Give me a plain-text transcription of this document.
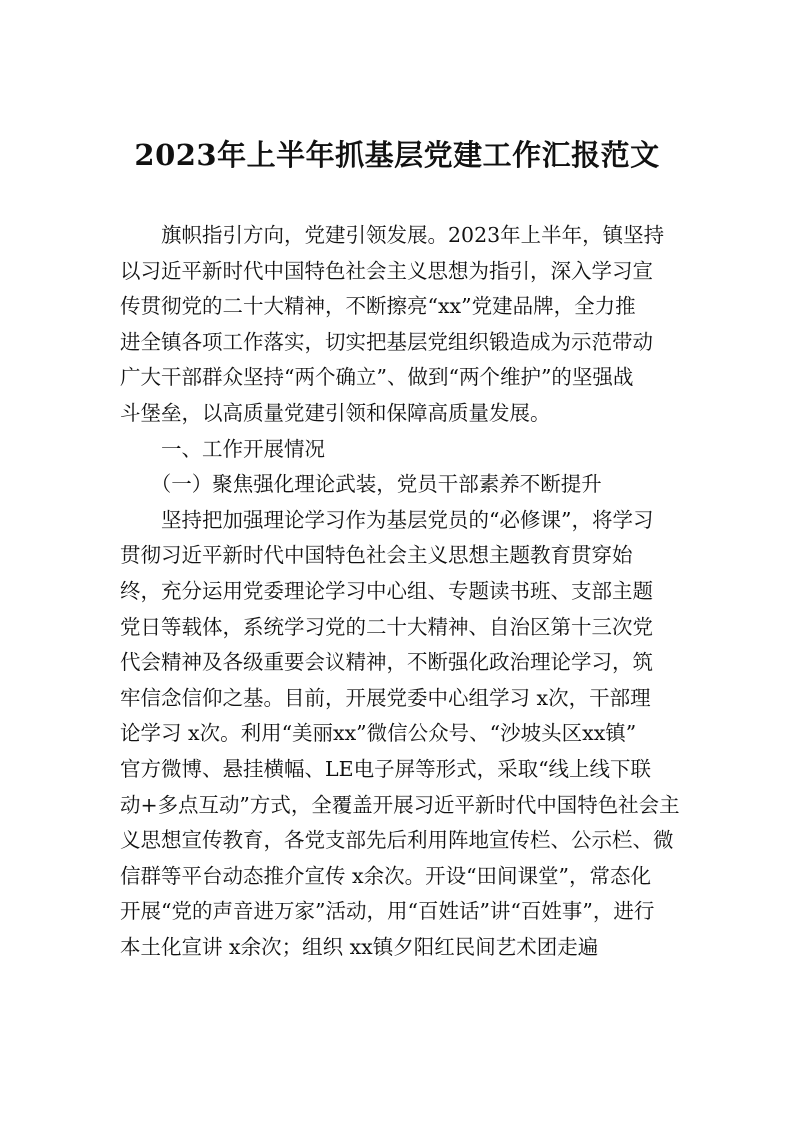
2023年上半年抓基层党建工作汇报范文
　　旗帜指引方向，党建引领发展。2023年上半年，镇坚持
以习近平新时代中国特色社会主义思想为指引，深入学习宣
传贯彻党的二十大精神，不断擦亮“xx”党建品牌，全力推
进全镇各项工作落实，切实把基层党组织锻造成为示范带动
广大干部群众坚持“两个确立”、做到“两个维护”的坚强战
斗堡垒，以高质量党建引领和保障高质量发展。
　　一、工作开展情况
　　（一）聚焦强化理论武装，党员干部素养不断提升
　　坚持把加强理论学习作为基层党员的“必修课”，将学习
贯彻习近平新时代中国特色社会主义思想主题教育贯穿始
终，充分运用党委理论学习中心组、专题读书班、支部主题
党日等载体，系统学习党的二十大精神、自治区第十三次党
代会精神及各级重要会议精神，不断强化政治理论学习，筑
牢信念信仰之基。目前，开展党委中心组学习 x次，干部理
论学习 x次。利用“美丽xx”微信公众号、“沙坡头区xx镇”
官方微博、悬挂横幅、LE电子屏等形式，采取“线上线下联
动+多点互动”方式，全覆盖开展习近平新时代中国特色社会主
义思想宣传教育，各党支部先后利用阵地宣传栏、公示栏、微
信群等平台动态推介宣传 x余次。开设“田间课堂”，常态化
开展“党的声音进万家”活动，用“百姓话”讲“百姓事”，进行
本土化宣讲 x余次；组织 xx镇夕阳红民间艺术团走遍
